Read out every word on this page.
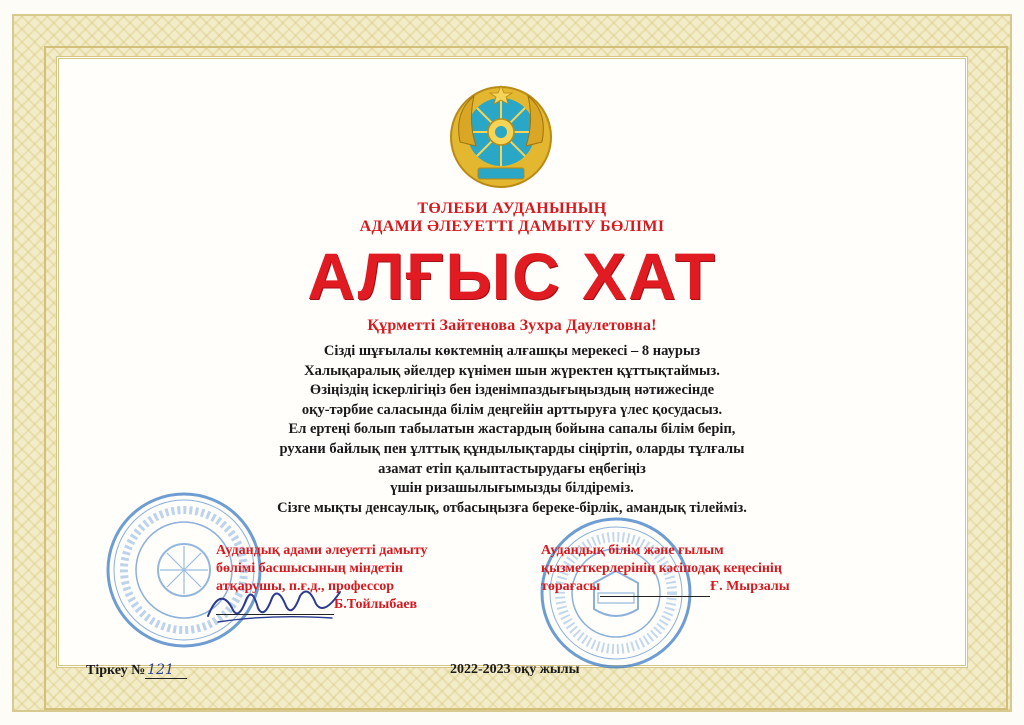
ТӨЛЕБИ АУДАНЫНЫҢ
АДАМИ ӘЛЕУЕТТІ ДАМЫТУ БӨЛІМІ
АЛҒЫС ХАТ
Құрметті Зайтенова Зухра Даулетовна!
Сізді шұғылалы көктемнің алғашқы мерекесі – 8 наурыз
Халықаралық әйелдер күнімен шын жүректен құттықтаймыз.
Өзіңіздің іскерлігіңіз бен ізденімпаздығыңыздың нәтижесінде
оқу-тәрбие саласында білім деңгейін арттыруға үлес қосудасыз.
Ел ертеңі болып табылатын жастардың бойына сапалы білім беріп,
рухани байлық пен ұлттық құндылықтарды сіңіртіп, оларды тұлғалы
азамат етіп қалыптастырудағы еңбегіңіз
үшін ризашылығымызды білдіреміз.
Сізге мықты денсаулық, отбасыңызға береке-бірлік, амандық тілейміз.
Аудандық адами әлеуетті дамыту
бөлімі басшысының міндетін
атқарушы, п.ғ.д., профессор
Б.Тойлыбаев
Аудандық білім және ғылым
қызметкерлерінің кәсіподақ кеңесінің
төрағасы	Ғ. Мырзалы
Тіркеу № 121	2022-2023 оқу жылы
